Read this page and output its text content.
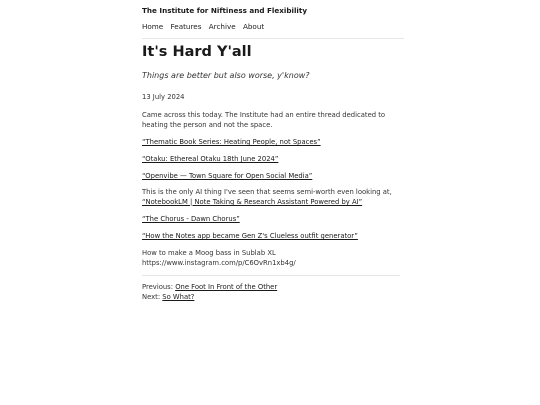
The Institute for Niftiness and Flexibility
Home Features Archive About
It's Hard Y'all
Things are better but also worse, y'know?
13 July 2024
Came across this today. The Institute had an entire thread dedicated to
heating the person and not the space.
“Thematic Book Series: Heating People, not Spaces”
“Otaku: Ethereal Otaku 18th June 2024”
“Openvibe — Town Square for Open Social Media”
This is the only AI thing I've seen that seems semi-worth even looking at,
“NotebookLM | Note Taking & Research Assistant Powered by AI”
“The Chorus - Dawn Chorus”
“How the Notes app became Gen Z's Clueless outfit generator”
How to make a Moog bass in Sublab XL
https://www.instagram.com/p/C6OvRn1xb4g/
Previous: One Foot In Front of the Other
Next: So What?
